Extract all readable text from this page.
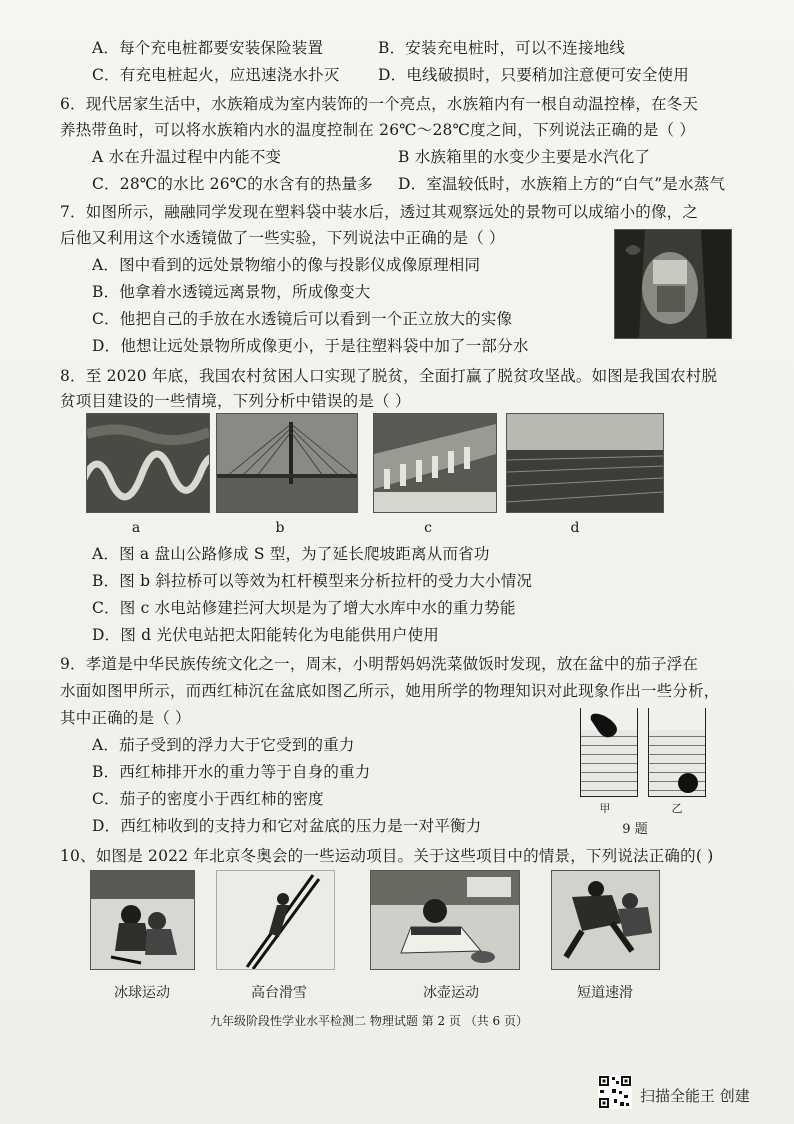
A．每个充电桩都要安装保险装置	B．安装充电桩时，可以不连接地线
C．有充电桩起火，应迅速浇水扑灭 D．电线破损时，只要稍加注意便可安全使用
6．现代居家生活中，水族箱成为室内装饰的一个亮点，水族箱内有一根自动温控棒，在冬天
养热带鱼时，可以将水族箱内水的温度控制在 26℃～28℃度之间，下列说法正确的是（ ）
A 水在升温过程中内能不变	B 水族箱里的水变少主要是水汽化了
C．28℃的水比 26℃的水含有的热量多 D．室温较低时，水族箱上方的“白气”是水蒸气
7．如图所示，融融同学发现在塑料袋中装水后，透过其观察远处的景物可以成缩小的像，之
后他又利用这个水透镜做了一些实验，下列说法中正确的是（ ）
A．图中看到的远处景物缩小的像与投影仪成像原理相同
B．他拿着水透镜远离景物，所成像变大
C．他把自己的手放在水透镜后可以看到一个正立放大的实像
D．他想让远处景物所成像更小，于是往塑料袋中加了一部分水
8．至 2020 年底，我国农村贫困人口实现了脱贫，全面打赢了脱贫攻坚战。如图是我国农村脱
贫项目建设的一些情境，下列分析中错误的是（ ）
a	b	c	d
A．图 a 盘山公路修成 S 型，为了延长爬坡距离从而省功
B．图 b 斜拉桥可以等效为杠杆模型来分析拉杆的受力大小情况
C．图 c 水电站修建拦河大坝是为了增大水库中水的重力势能
D．图 d 光伏电站把太阳能转化为电能供用户使用
9．孝道是中华民族传统文化之一，周末，小明帮妈妈洗菜做饭时发现，放在盆中的茄子浮在
水面如图甲所示，而西红柿沉在盆底如图乙所示，她用所学的物理知识对此现象作出一些分析，
其中正确的是（ ）
A．茄子受到的浮力大于它受到的重力
B．西红柿排开水的重力等于自身的重力
C．茄子的密度小于西红柿的密度
D．西红柿收到的支持力和它对盆底的压力是一对平衡力
甲	乙
9 题
10、如图是 2022 年北京冬奥会的一些运动项目。关于这些项目中的情景，下列说法正确的( )
冰球运动	高台滑雪	冰壶运动	短道速滑
九年级阶段性学业水平检测二 物理试题 第 2 页 （共 6 页）
扫描全能王 创建
